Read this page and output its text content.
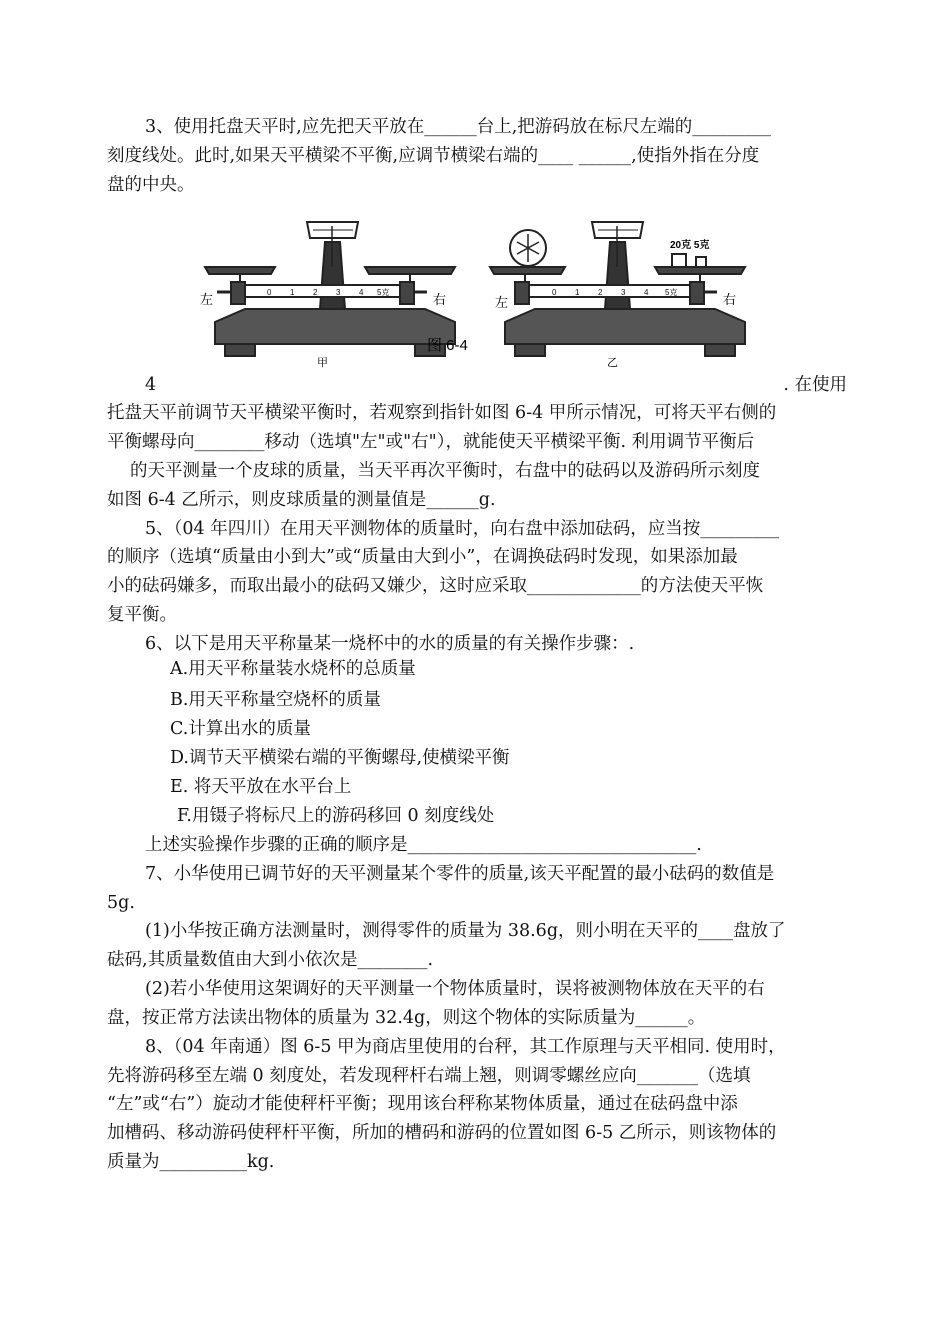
3、使用托盘天平时,应先把天平放在______台上,把游码放在标尺左端的_________
刻度线处。此时,如果天平横梁不平衡,应调节横梁右端的____ ______,使指外指在分度
盘的中央。
0 1 2 3 4 5克
左	右
甲
图 6-4
0 1 2 3 4 5克
20克 5克
左	右
乙
4	. 在使用
托盘天平前调节天平横梁平衡时，若观察到指针如图 6-4 甲所示情况，可将天平右侧的
平衡螺母向________移动（选填"左"或"右"），就能使天平横梁平衡. 利用调节平衡后
的天平测量一个皮球的质量，当天平再次平衡时，右盘中的砝码以及游码所示刻度
如图 6-4 乙所示，则皮球质量的测量值是______g.
5、（04 年四川）在用天平测物体的质量时，向右盘中添加砝码，应当按_________
的顺序（选填“质量由小到大”或“质量由大到小”，在调换砝码时发现，如果添加最
小的砝码嫌多，而取出最小的砝码又嫌少，这时应采取_____________的方法使天平恢
复平衡。
6、以下是用天平称量某一烧杯中的水的质量的有关操作步骤：.
A.用天平称量装水烧杯的总质量
B.用天平称量空烧杯的质量
C.计算出水的质量
D.调节天平横梁右端的平衡螺母,使横梁平衡
E. 将天平放在水平台上
F.用镊子将标尺上的游码移回 0 刻度线处
上述实验操作步骤的正确的顺序是_________________________________.
7、小华使用已调节好的天平测量某个零件的质量,该天平配置的最小砝码的数值是
5g.
(1)小华按正确方法测量时，测得零件的质量为 38.6g，则小明在天平的____盘放了
砝码,其质量数值由大到小依次是________.
(2)若小华使用这架调好的天平测量一个物体质量时，误将被测物体放在天平的右
盘，按正常方法读出物体的质量为 32.4g，则这个物体的实际质量为______。
8、（04 年南通）图 6-5 甲为商店里使用的台秤，其工作原理与天平相同. 使用时，
先将游码移至左端 0 刻度处，若发现秤杆右端上翘，则调零螺丝应向_______（选填
“左”或“右”）旋动才能使秤杆平衡；现用该台秤称某物体质量，通过在砝码盘中添
加槽码、移动游码使秤杆平衡，所加的槽码和游码的位置如图 6-5 乙所示，则该物体的
质量为__________kg.
